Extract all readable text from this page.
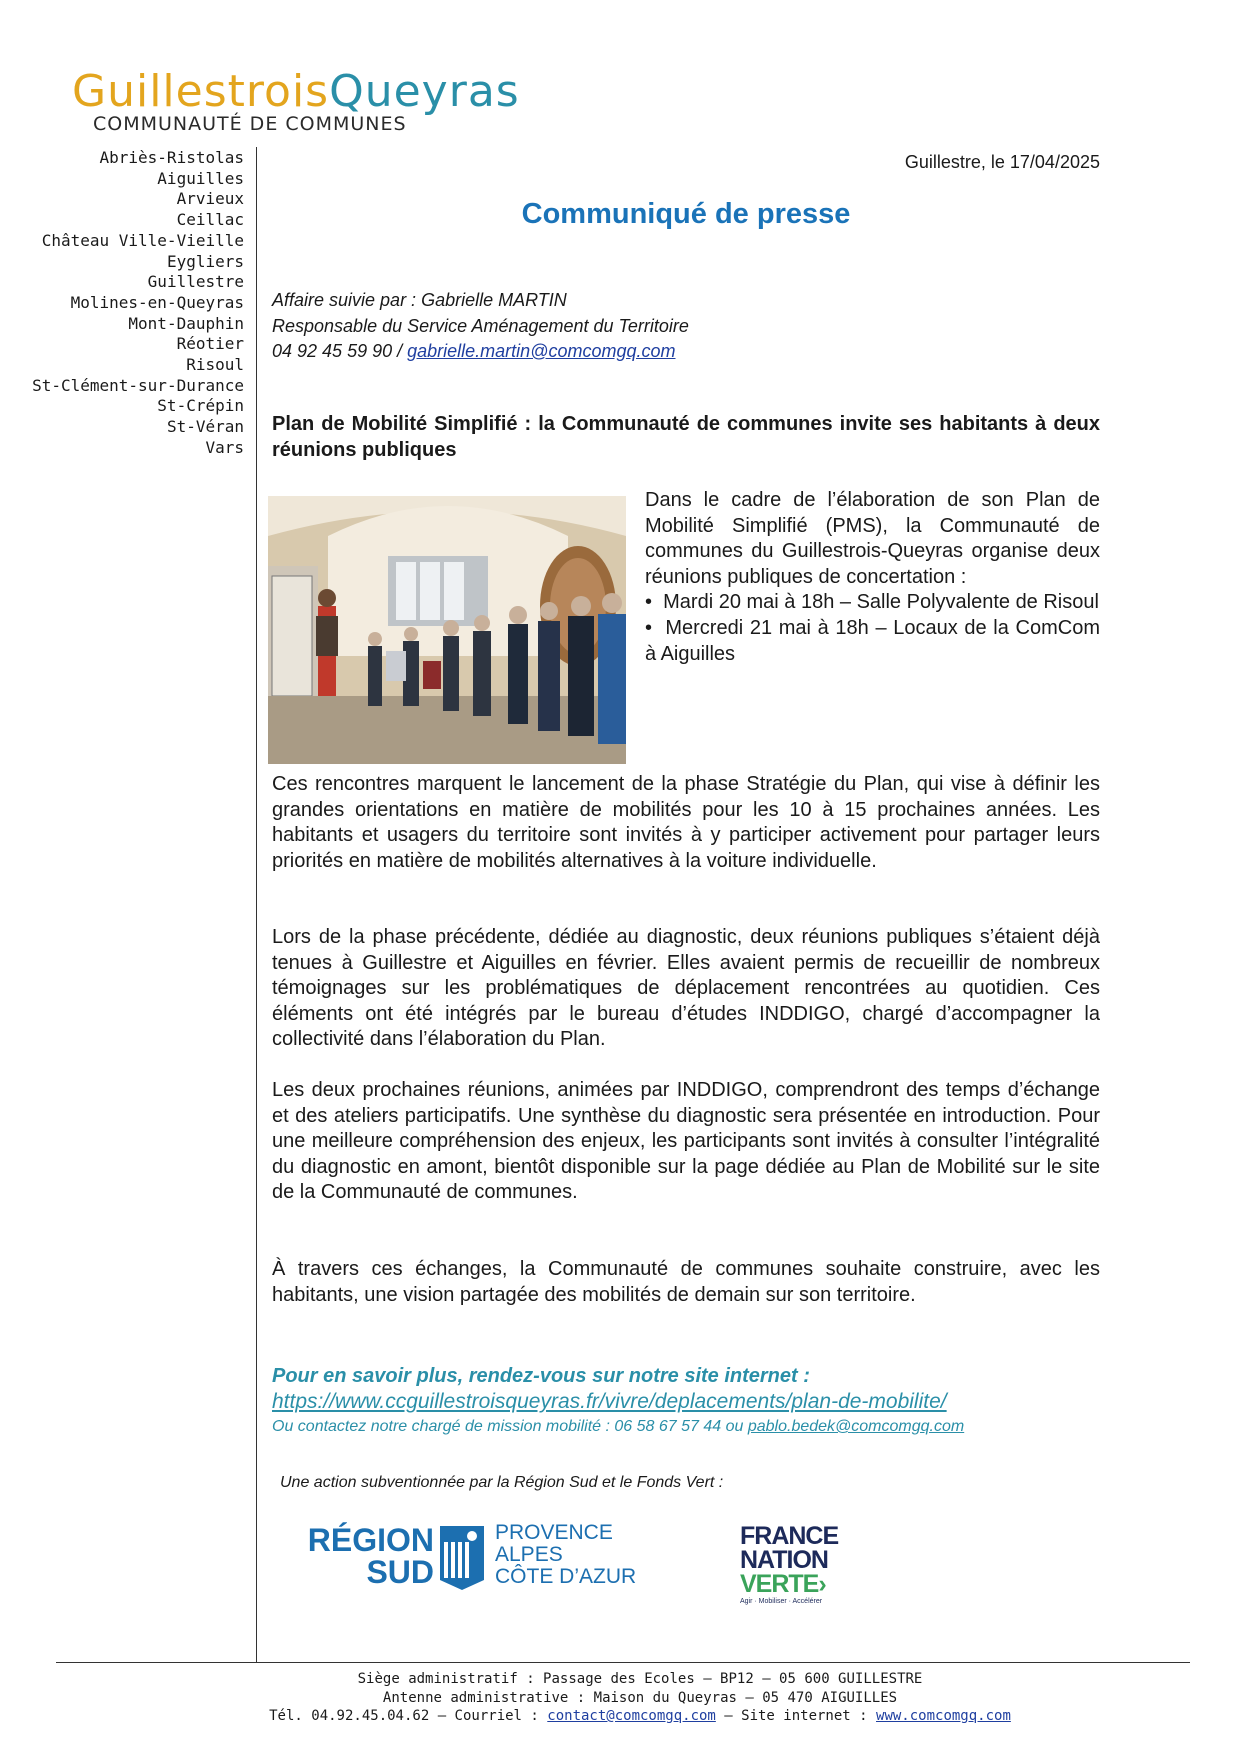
GuillestroisQueyras
COMMUNAUTÉ DE COMMUNES
Abriès-Ristolas
Aiguilles
Arvieux
Ceillac
Château Ville-Vieille
Eygliers
Guillestre
Molines-en-Queyras
Mont-Dauphin
Réotier
Risoul
St-Clément-sur-Durance
St-Crépin
St-Véran
Vars
Guillestre, le 17/04/2025
Communiqué de presse
Affaire suivie par : Gabrielle MARTIN
Responsable du Service Aménagement du Territoire
04 92 45 59 90 / gabrielle.martin@comcomgq.com
Plan de Mobilité Simplifié : la Communauté de communes invite ses habitants à deux réunions publiques
Dans le cadre de l’élaboration de son Plan de Mobilité Simplifié (PMS), la Communauté de communes du Guillestrois-Queyras organise deux réunions publiques de concertation :
• Mardi 20 mai à 18h – Salle Polyvalente de Risoul
• Mercredi 21 mai à 18h – Locaux de la ComCom à Aiguilles
Ces rencontres marquent le lancement de la phase Stratégie du Plan, qui vise à définir les grandes orientations en matière de mobilités pour les 10 à 15 prochaines années. Les habitants et usagers du territoire sont invités à y participer activement pour partager leurs priorités en matière de mobilités alternatives à la voiture individuelle.
Lors de la phase précédente, dédiée au diagnostic, deux réunions publiques s’étaient déjà tenues à Guillestre et Aiguilles en février. Elles avaient permis de recueillir de nombreux témoignages sur les problématiques de déplacement rencontrées au quotidien. Ces éléments ont été intégrés par le bureau d’études INDDIGO, chargé d’accompagner la collectivité dans l’élaboration du Plan.
Les deux prochaines réunions, animées par INDDIGO, comprendront des temps d’échange et des ateliers participatifs. Une synthèse du diagnostic sera présentée en introduction. Pour une meilleure compréhension des enjeux, les participants sont invités à consulter l’intégralité du diagnostic en amont, bientôt disponible sur la page dédiée au Plan de Mobilité sur le site de la Communauté de communes.
À travers ces échanges, la Communauté de communes souhaite construire, avec les habitants, une vision partagée des mobilités de demain sur son territoire.
Pour en savoir plus, rendez-vous sur notre site internet :
https://www.ccguillestroisqueyras.fr/vivre/deplacements/plan-de-mobilite/
Ou contactez notre chargé de mission mobilité : 06 58 67 57 44 ou pablo.bedek@comcomgq.com
Une action subventionnée par la Région Sud et le Fonds Vert :
RÉGION
SUD
PROVENCE
ALPES
CÔTE D’AZUR
FRANCE
NATION
VERTE›
Agir · Mobiliser · Accélérer
Siège administratif : Passage des Ecoles – BP12 – 05 600 GUILLESTRE
Antenne administrative : Maison du Queyras – 05 470 AIGUILLES
Tél. 04.92.45.04.62 – Courriel : contact@comcomgq.com – Site internet : www.comcomgq.com
